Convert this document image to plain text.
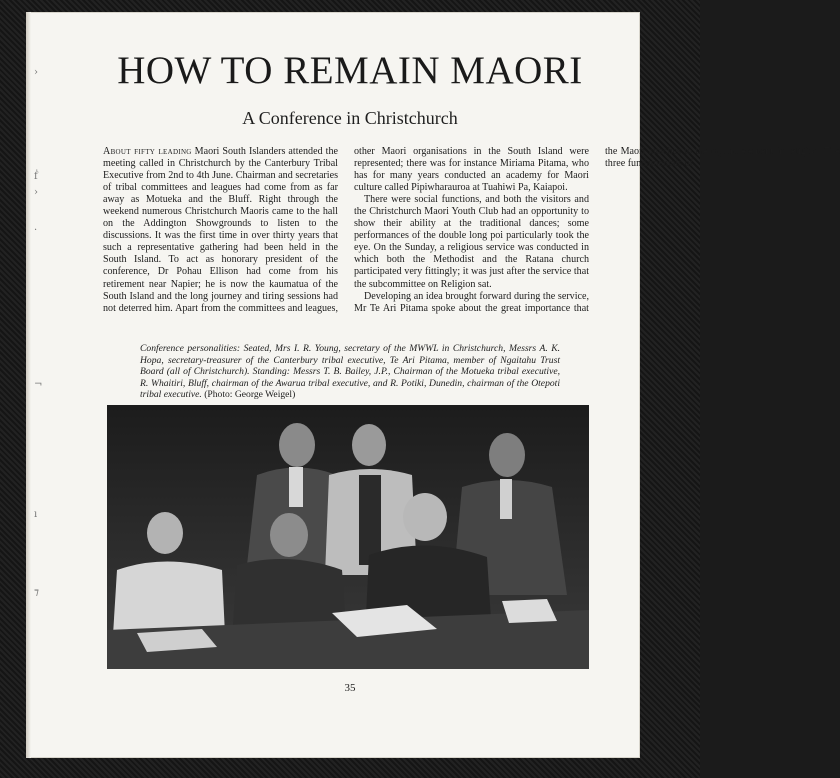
›
ḟ
›
·
¬
ı
⁊
HOW TO REMAIN MAORI
A Conference in Christchurch

About fifty leading Maori South Islanders attended the meeting called in Christchurch by the Canterbury Tribal Executive from 2nd to 4th June. Chairman and secretaries of tribal committees and leagues had come from as far away as Motueka and the Bluff. Right through the weekend numerous Christchurch Maoris came to the hall on the Addington Showgrounds to listen to the discussions. It was the first time in over thirty years that such a representative gathering had been held in the South Island. To act as honorary president of the conference, Dr Pohau Ellison had come from his retirement near Napier; he is now the kaumatua of the South Island and the long journey and tiring sessions had not deterred him. Apart from the committees and leagues, other Maori organisations in the South Island were represented; there was for instance Miriama Pitama, who has for many years conducted an academy for Maori culture called Pipiwharauroa at Tuahiwi Pa, Kaiapoi.

There were social functions, and both the visitors and the Christchurch Maori Youth Club had an opportunity to show their ability at the traditional dances; some performances of the double long poi particularly took the eye. On the Sunday, a religious service was conducted in which both the Methodist and the Ratana church participated very fittingly; it was just after the service that the subcommittee on Religion sat.

Developing an idea brought forward during the service, Mr Te Ari Pitama spoke about the great importance that the Maori attaches to the mystic element in religion. The three fundamentals of

Conference personalities: Seated, Mrs I. R. Young, secretary of the MWWL in Christchurch, Messrs A. K. Hopa, secretary-treasurer of the Canterbury tribal executive, Te Ari Pitama, member of Ngaitahu Trust Board (all of Christchurch). Standing: Messrs T. B. Bailey, J.P., Chairman of the Motueka tribal executive, R. Whaitiri, Bluff, chairman of the Awarua tribal executive, and R. Potiki, Dunedin, chairman of the Otepoti tribal executive. (Photo: George Weigel)
35
